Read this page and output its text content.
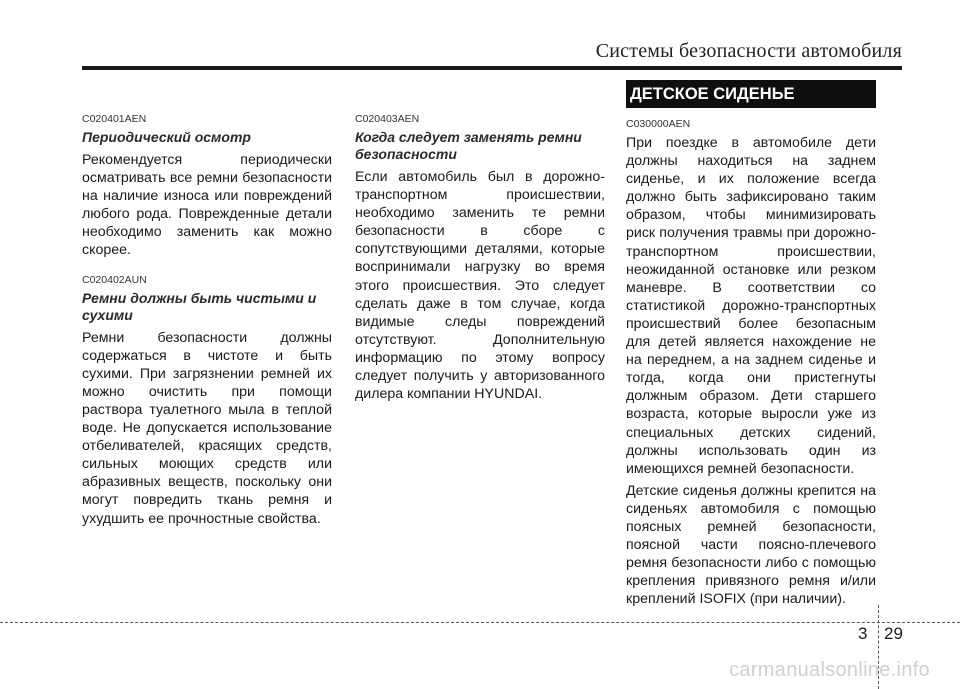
Системы безопасности автомобиля
C020401AEN
Периодический осмотр

Рекомендуется периодически осматривать все ремни безопасности на наличие износа или повреждений любого рода. Поврежденные детали необходимо заменить как можно скорее.

C020402AUN
Ремни должны быть чистыми и сухими

Ремни безопасности должны содержаться в чистоте и быть сухими. При загрязнении ремней их можно очистить при помощи раствора туалетного мыла в теплой воде. Не допускается использование отбеливателей, красящих средств, сильных моющих средств или абразивных веществ, поскольку они могут повредить ткань ремня и ухудшить ее прочностные свойства.

C020403AEN
Когда следует заменять ремни безопасности

Если автомобиль был в дорожно-транспортном происшествии, необходимо заменить те ремни безопасности в сборе с сопутствующими деталями, которые воспринимали нагрузку во время этого происшествия. Это следует сделать даже в том случае, когда видимые следы повреждений отсутствуют. Дополнительную информацию по этому вопросу следует получить у авторизованного дилера компании HYUNDAI.

ДЕТСКОЕ СИДЕНЬЕ
C030000AEN

При поездке в автомобиле дети должны находиться на заднем сиденье, и их положение всегда должно быть зафиксировано таким образом, чтобы минимизировать риск получения травмы при дорожно-транспортном происшествии, неожиданной остановке или резком маневре. В соответствии со статистикой дорожно-транспортных происшествий более безопасным для детей является нахождение не на переднем, а на заднем сиденье и тогда, когда они пристегнуты должным образом. Дети старшего возраста, которые выросли уже из специальных детских сидений, должны использовать один из имеющихся ремней безопасности.

Детские сиденья должны крепится на сиденьях автомобиля с помощью поясных ремней безопасности, поясной части поясно-плечевого ремня безопасности либо с помощью крепления привязного ремня и/или креплений ISOFIX (при наличии).

3 29
carmanualsonline.info
